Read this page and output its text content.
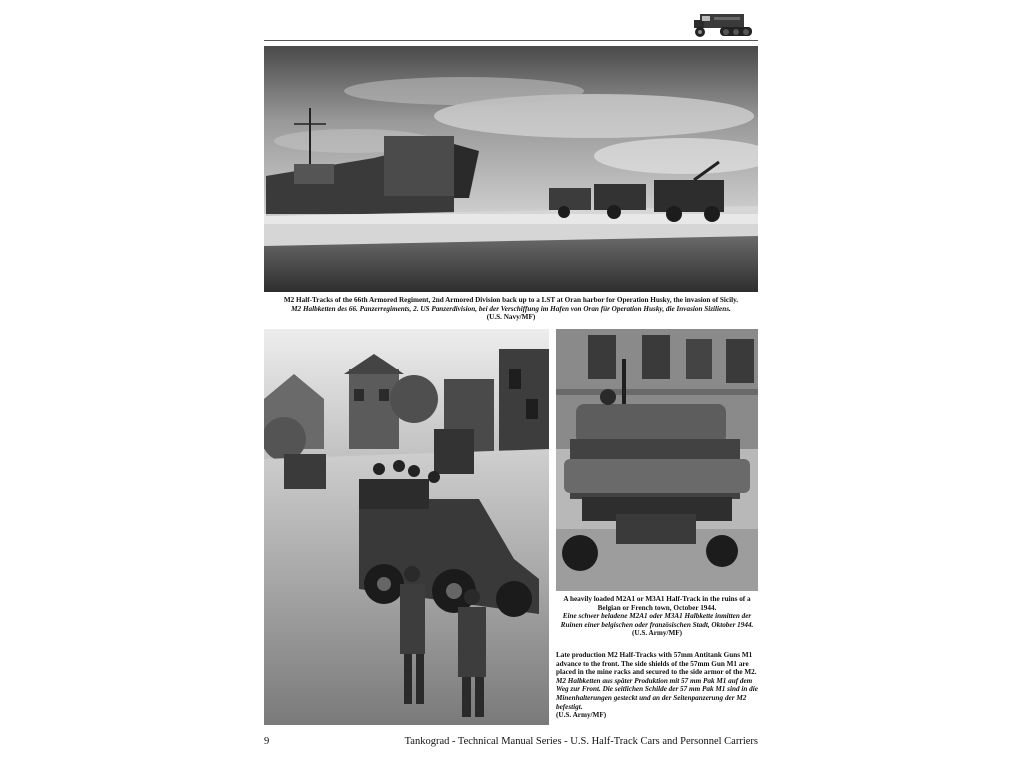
M2 Half-Tracks of the 66th Armored Regiment, 2nd Armored Division back up to a LST at Oran harbor for Operation Husky, the invasion of Sicily.
M2 Halbketten des 66. Panzerregiments, 2. US Panzerdivision, bei der Verschiffung im Hafen von Oran für Operation Husky, die Invasion Siziliens.
(U.S. Navy/MF)
A heavily loaded M2A1 or M3A1 Half-Track in the ruins of a Belgian or French town, October 1944.
Eine schwer beladene M2A1 oder M3A1 Halbkette inmitten der Ruinen einer belgischen oder französischen Stadt, Oktober 1944.
(U.S. Army/MF)
Late production M2 Half-Tracks with 57mm Antitank Guns M1 advance to the front. The side shields of the 57mm Gun M1 are placed in the mine racks and secured to the side armor of the M2.
M2 Halbketten aus später Produktion mit 57 mm Pak M1 auf dem Weg zur Front. Die seitlichen Schilde der 57 mm Pak M1 sind in die Minenhalterungen gesteckt und an der Seitenpanzerung der M2 befestigt.
(U.S. Army/MF)
9	Tankograd - Technical Manual Series - U.S. Half-Track Cars and Personnel Carriers
